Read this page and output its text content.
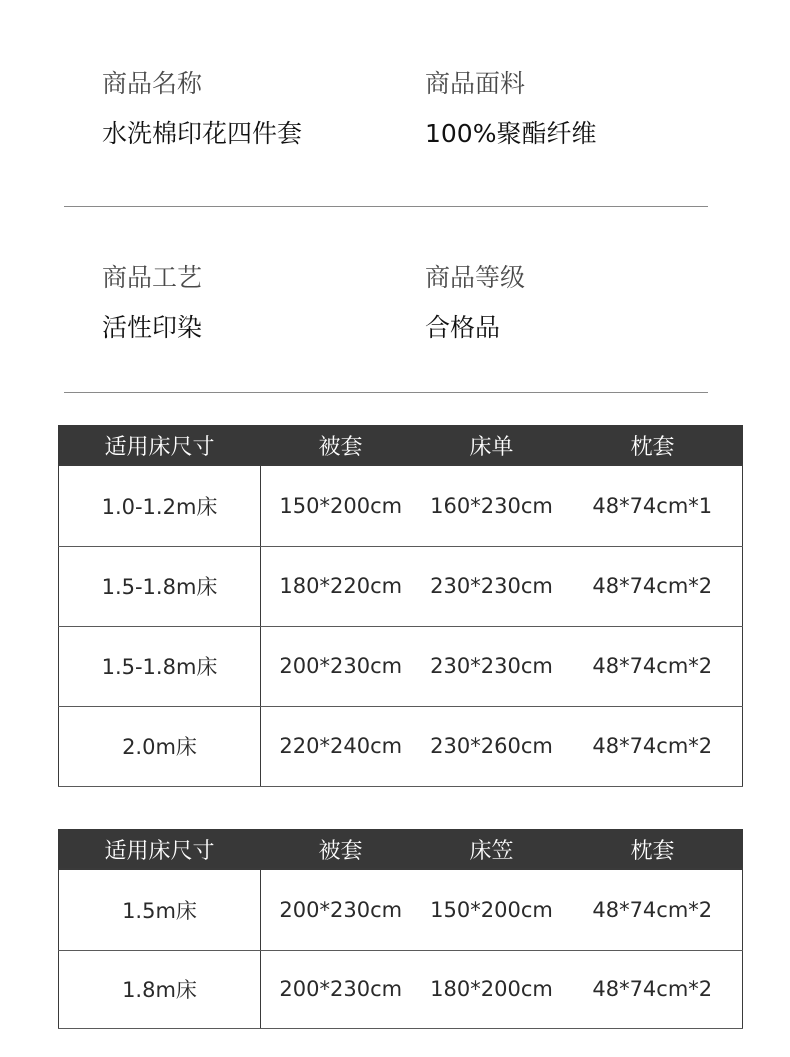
商品名称
水洗棉印花四件套
商品面料
100%聚酯纤维
商品工艺
活性印染
商品等级
合格品
适用床尺寸	被套	床单	枕套
1.0-1.2m床	150*200cm	160*230cm	48*74cm*1
1.5-1.8m床	180*220cm	230*230cm	48*74cm*2
1.5-1.8m床	200*230cm	230*230cm	48*74cm*2
2.0m床	220*240cm	230*260cm	48*74cm*2
适用床尺寸	被套	床笠	枕套
1.5m床	200*230cm	150*200cm	48*74cm*2
1.8m床	200*230cm	180*200cm	48*74cm*2
